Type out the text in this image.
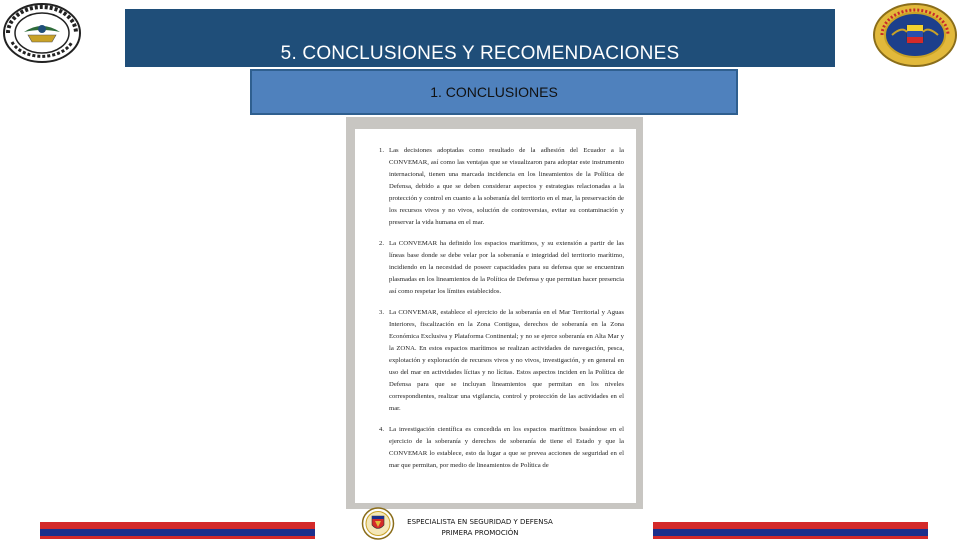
5. CONCLUSIONES Y RECOMENDACIONES
1. CONCLUSIONES
1. Las decisiones adoptadas como resultado de la adhesión del Ecuador a la CONVEMAR, así como las ventajas que se visualizaron para adoptar este instrumento internacional, tienen una marcada incidencia en los lineamientos de la Política de Defensa, debido a que se deben considerar aspectos y estrategias relacionadas a la protección y control en cuanto a la soberanía del territorio en el mar, la preservación de los recursos vivos y no vivos, solución de controversias, evitar su contaminación y preservar la vida humana en el mar.
2. La CONVEMAR ha definido los espacios marítimos, y su extensión a partir de las líneas base donde se debe velar por la soberanía e integridad del territorio marítimo, incidiendo en la necesidad de poseer capacidades para su defensa que se encuentran plasmadas en los lineamientos de la Política de Defensa y que permitan hacer presencia así como respetar los límites establecidos.
3. La CONVEMAR, establece el ejercicio de la soberanía en el Mar Territorial y Aguas Interiores, fiscalización en la Zona Contigua, derechos de soberanía en la Zona Económica Exclusiva y Plataforma Continental; y no se ejerce soberanía en Alta Mar y la ZONA. En estos espacios marítimos se realizan actividades de navegación, pesca, explotación y exploración de recursos vivos y no vivos, investigación, y en general en uso del mar en actividades lícitas y no lícitas. Estos aspectos inciden en la Política de Defensa para que se incluyan lineamientos que permitan en los niveles correspondientes, realizar una vigilancia, control y protección de las actividades en el mar.
4. La investigación científica es concedida en los espacios marítimos basándose en el ejercicio de la soberanía y derechos de soberanía de tiene el Estado y que la CONVEMAR lo establece, esto da lugar a que se prevea acciones de seguridad en el mar que permitan, por medio de lineamientos de Política de
ESPECIALISTA EN SEGURIDAD Y DEFENSA
PRIMERA PROMOCIÓN
